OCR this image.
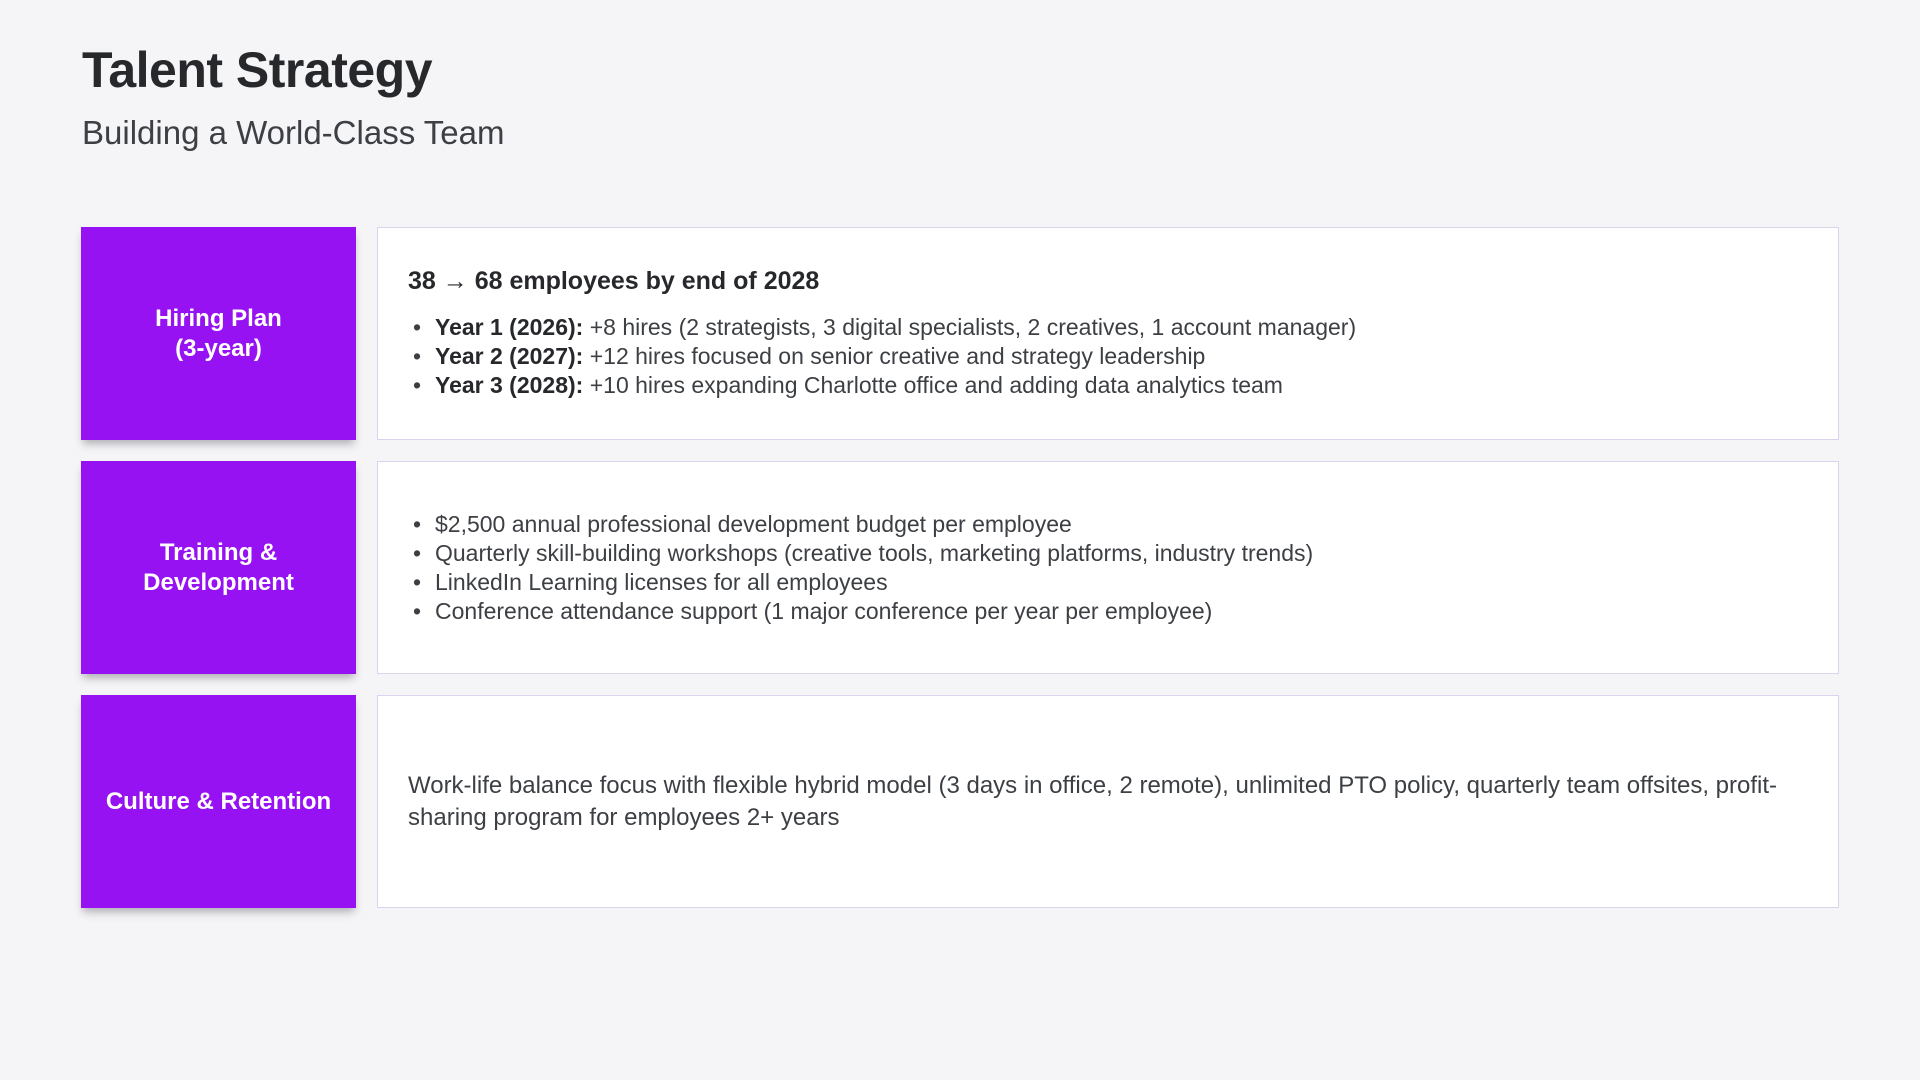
Talent Strategy
Building a World-Class Team
Hiring Plan
(3-year)
38 → 68 employees by end of 2028
• Year 1 (2026): +8 hires (2 strategists, 3 digital specialists, 2 creatives, 1 account manager)
• Year 2 (2027): +12 hires focused on senior creative and strategy leadership
• Year 3 (2028): +10 hires expanding Charlotte office and adding data analytics team
Training &
Development
• $2,500 annual professional development budget per employee
• Quarterly skill-building workshops (creative tools, marketing platforms, industry trends)
• LinkedIn Learning licenses for all employees
• Conference attendance support (1 major conference per year per employee)
Culture & Retention

Work-life balance focus with flexible hybrid model (3 days in office, 2 remote), unlimited PTO policy, quarterly team offsites, profit-sharing program for employees 2+ years
